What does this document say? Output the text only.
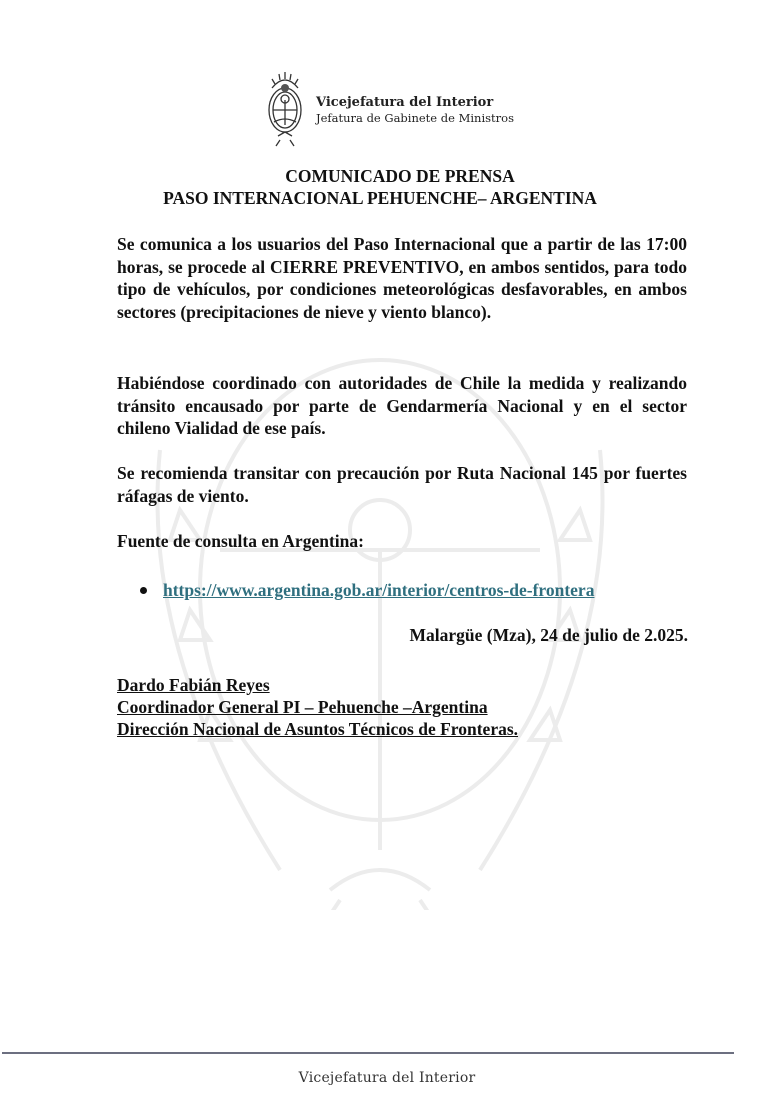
Vicejefatura del Interior
Jefatura de Gabinete de Ministros
COMUNICADO DE PRENSA
PASO INTERNACIONAL PEHUENCHE– ARGENTINA
Se comunica a los usuarios del Paso Internacional que a partir de las 17:00 horas, se procede al CIERRE PREVENTIVO, en ambos sentidos, para todo tipo de vehículos, por condiciones meteorológicas desfavorables, en ambos sectores (precipitaciones de nieve y viento blanco).
Habiéndose coordinado con autoridades de Chile la medida y realizando tránsito encausado por parte de Gendarmería Nacional y en el sector chileno Vialidad de ese país.
Se recomienda transitar con precaución por Ruta Nacional 145 por fuertes ráfagas de viento.
Fuente de consulta en Argentina:
https://www.argentina.gob.ar/interior/centros-de-frontera
Malargüe (Mza), 24 de julio de 2.025.
Dardo Fabián Reyes
Coordinador General PI – Pehuenche –Argentina
Dirección Nacional de Asuntos Técnicos de Fronteras.
Vicejefatura del Interior
